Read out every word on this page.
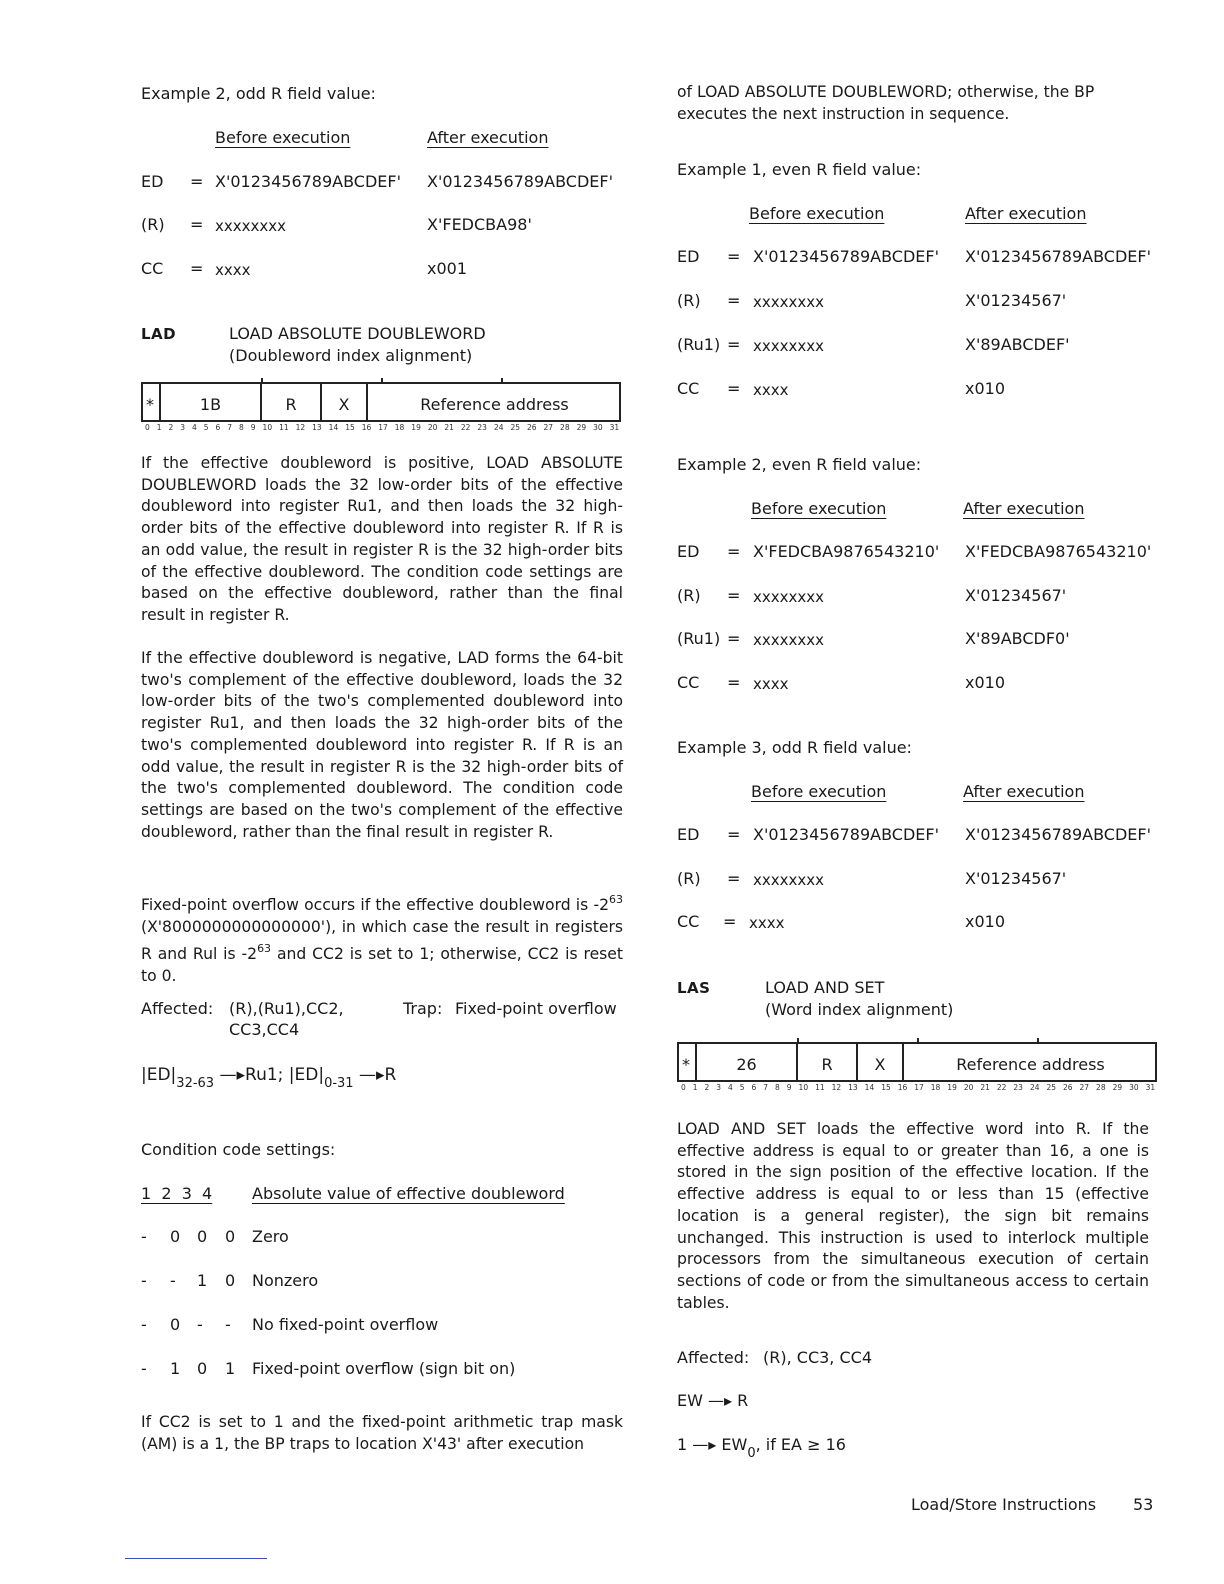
Example 2, odd R field value:
Before execution	After execution
ED = X'0123456789ABCDEF' X'0123456789ABCDEF'
(R) = xxxxxxxx	X'FEDCBA98'
CC = xxxx	x001
LAD	LOAD ABSOLUTE DOUBLEWORD
(Doubleword index alignment)
*	1B	R	X	Reference address
0 1 2 3 4 5 6 7 8 9 10 11 12 13 14 15 16 17 18 19 20 21 22 23 24 25 26 27 28 29 30 31
If the effective doubleword is positive, LOAD ABSOLUTE DOUBLEWORD loads the 32 low-order bits of the effective doubleword into register Ru1, and then loads the 32 high-order bits of the effective doubleword into register R. If R is an odd value, the result in register R is the 32 high-order bits of the effective doubleword. The condition code settings are based on the effective doubleword, rather than the final result in register R.
If the effective doubleword is negative, LAD forms the 64-bit two's complement of the effective doubleword, loads the 32 low-order bits of the two's complemented doubleword into register Ru1, and then loads the 32 high-order bits of the two's complemented doubleword into register R. If R is an odd value, the result in register R is the 32 high-order bits of the two's complemented doubleword. The condition code settings are based on the two's complement of the effective doubleword, rather than the final result in register R.
Fixed-point overflow occurs if the effective doubleword is $-2^{63}$ (X'8000000000000000'), in which case the result in registers R and Rul is $-2^{63}$ and CC2 is set to 1; otherwise, CC2 is reset to 0.
Affected: (R),(Ru1),CC2,
CC3,CC4
Trap: Fixed-point overflow
$|ED|_{32-63}$ —▸Ru1; $|ED|_{0-31}$ —▸R
Condition code settings:
1  2  3  4 Absolute value of effective doubleword
- 0 0 0 Zero
- - 1 0 Nonzero
- 0 - - No fixed-point overflow
- 1 0 1 Fixed-point overflow (sign bit on)
If CC2 is set to 1 and the fixed-point arithmetic trap mask (AM) is a 1, the BP traps to location X'43' after execution
of LOAD ABSOLUTE DOUBLEWORD; otherwise, the BP executes the next instruction in sequence.
Example 1, even R field value:
Before execution	After execution
ED = X'0123456789ABCDEF' X'0123456789ABCDEF'
(R) = xxxxxxxx	X'01234567'
(Ru1) = xxxxxxxx	X'89ABCDEF'
CC = xxxx	x010
Example 2, even R field value:
Before execution	After execution
ED = X'FEDCBA9876543210' X'FEDCBA9876543210'
(R) = xxxxxxxx	X'01234567'
(Ru1) = xxxxxxxx	X'89ABCDF0'
CC = xxxx	x010
Example 3, odd R field value:
Before execution	After execution
ED = X'0123456789ABCDEF' X'0123456789ABCDEF'
(R) = xxxxxxxx	X'01234567'
CC = xxxx	x010
LAS	LOAD AND SET
(Word index alignment)
*	26	R	X	Reference address
0 1 2 3 4 5 6 7 8 9 10 11 12 13 14 15 16 17 18 19 20 21 22 23 24 25 26 27 28 29 30 31
LOAD AND SET loads the effective word into R. If the effective address is equal to or greater than 16, a one is stored in the sign position of the effective location. If the effective address is equal to or less than 15 (effective location is a general register), the sign bit remains unchanged. This instruction is used to interlock multiple processors from the simultaneous execution of certain sections of code or from the simultaneous access to certain tables.
Affected: (R), CC3, CC4
EW —▸ R
1 —▸ $EW_0$, if EA ≥ 16
Load/Store Instructions 53
